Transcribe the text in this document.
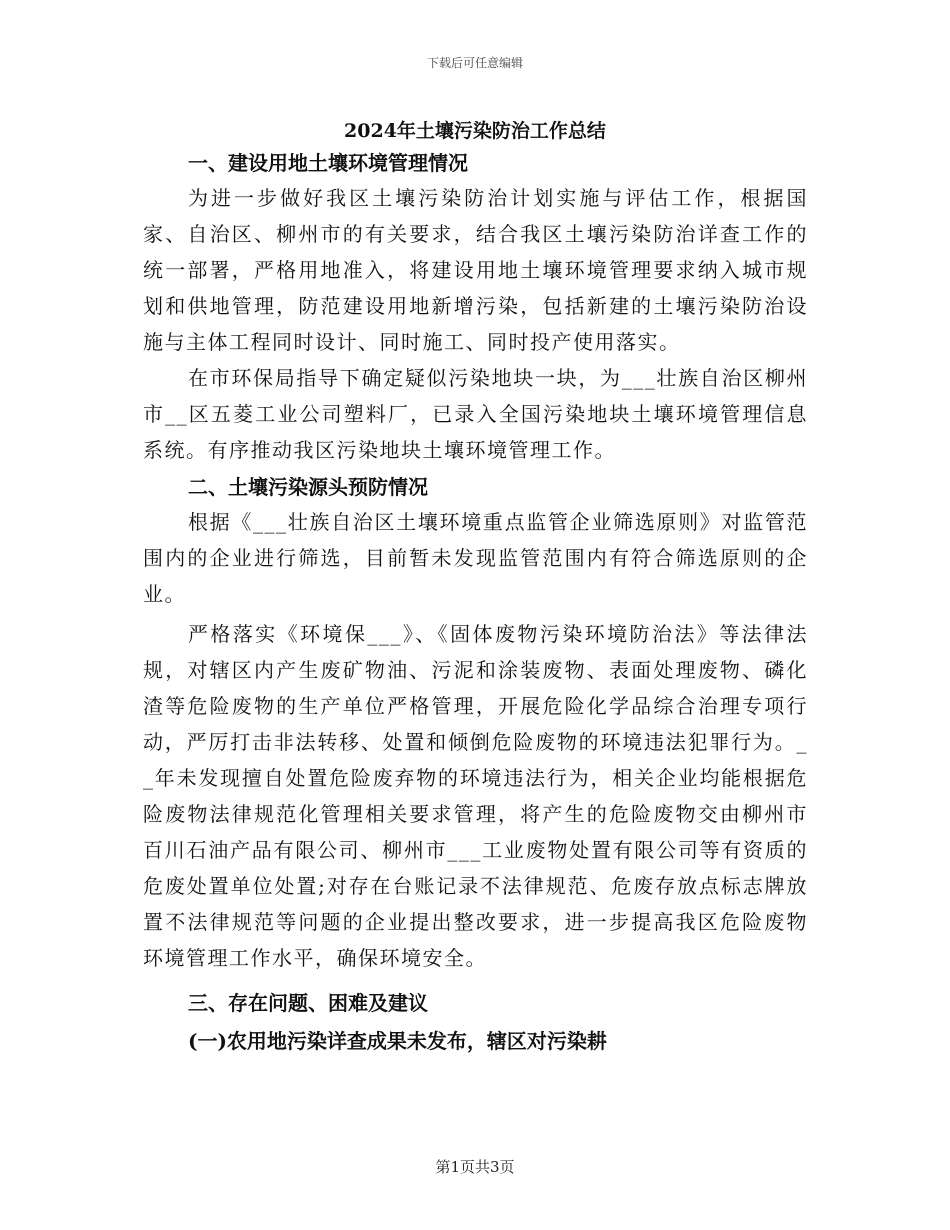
下载后可任意编辑
2024年土壤污染防治工作总结

一、建设用地土壤环境管理情况

为进一步做好我区土壤污染防治计划实施与评估工作，根据国家、自治区、柳州市的有关要求，结合我区土壤污染防治详查工作的统一部署，严格用地准入，将建设用地土壤环境管理要求纳入城市规划和供地管理，防范建设用地新增污染，包括新建的土壤污染防治设施与主体工程同时设计、同时施工、同时投产使用落实。

在市环保局指导下确定疑似污染地块一块，为___壮族自治区柳州市__区五菱工业公司塑料厂，已录入全国污染地块土壤环境管理信息系统。有序推动我区污染地块土壤环境管理工作。

二、土壤污染源头预防情况

根据《___壮族自治区土壤环境重点监管企业筛选原则》对监管范围内的企业进行筛选，目前暂未发现监管范围内有符合筛选原则的企业。

严格落实《环境保___》、《固体废物污染环境防治法》等法律法规，对辖区内产生废矿物油、污泥和涂装废物、表面处理废物、磷化渣等危险废物的生产单位严格管理，开展危险化学品综合治理专项行动，严厉打击非法转移、处置和倾倒危险废物的环境违法犯罪行为。__年未发现擅自处置危险废弃物的环境违法行为，相关企业均能根据危险废物法律规范化管理相关要求管理，将产生的危险废物交由柳州市百川石油产品有限公司、柳州市___工业废物处置有限公司等有资质的危废处置单位处置;对存在台账记录不法律规范、危废存放点标志牌放置不法律规范等问题的企业提出整改要求，进一步提高我区危险废物环境管理工作水平，确保环境安全。

三、存在问题、困难及建议

(一)农用地污染详查成果未发布，辖区对污染耕

第1页共3页
